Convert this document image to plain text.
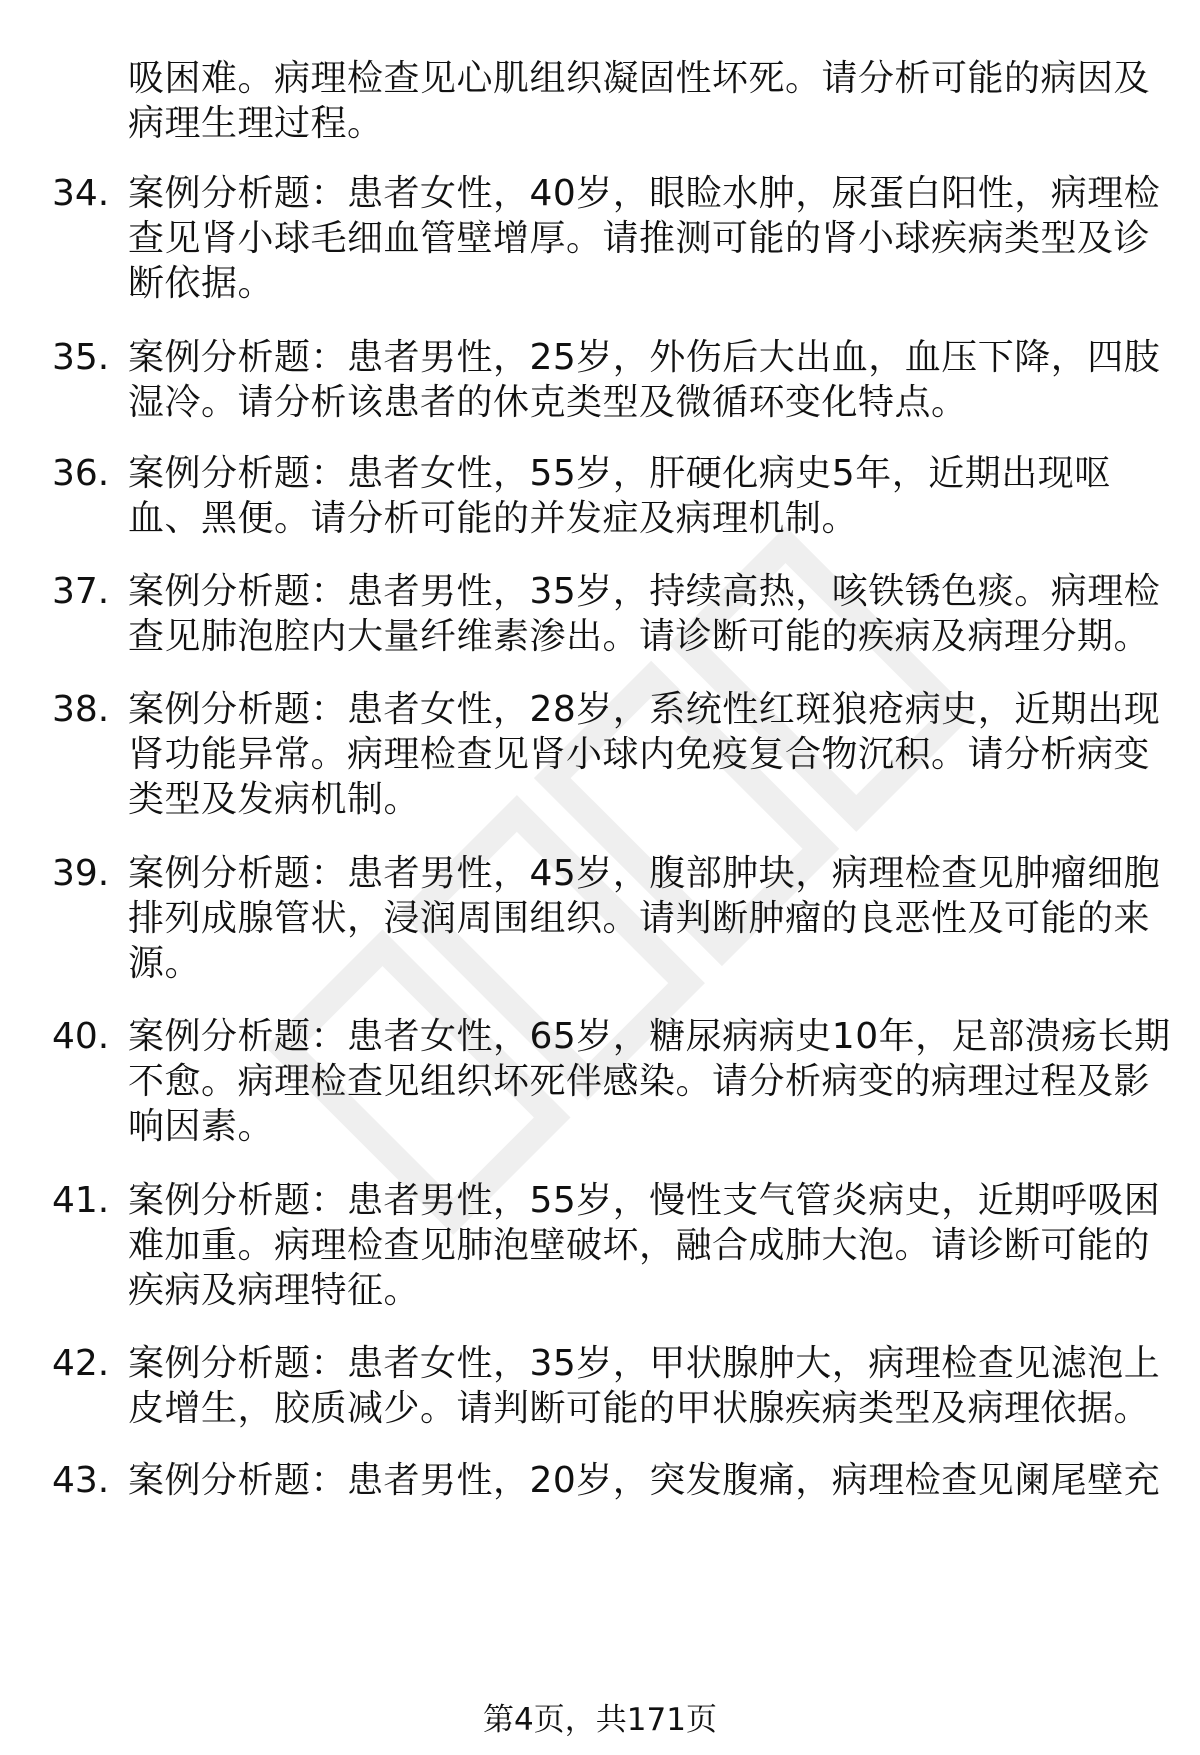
吸困难。病理检查见心肌组织凝固性坏死。请分析可能的病因及
病理生理过程。
34. 案例分析题：患者女性，40岁，眼睑水肿，尿蛋白阳性，病理检
查见肾小球毛细血管壁增厚。请推测可能的肾小球疾病类型及诊
断依据。
35. 案例分析题：患者男性，25岁，外伤后大出血，血压下降，四肢
湿冷。请分析该患者的休克类型及微循环变化特点。
36. 案例分析题：患者女性，55岁，肝硬化病史5年，近期出现呕
血、黑便。请分析可能的并发症及病理机制。
37. 案例分析题：患者男性，35岁，持续高热，咳铁锈色痰。病理检
查见肺泡腔内大量纤维素渗出。请诊断可能的疾病及病理分期。
38. 案例分析题：患者女性，28岁，系统性红斑狼疮病史，近期出现
肾功能异常。病理检查见肾小球内免疫复合物沉积。请分析病变
类型及发病机制。
39. 案例分析题：患者男性，45岁，腹部肿块，病理检查见肿瘤细胞
排列成腺管状，浸润周围组织。请判断肿瘤的良恶性及可能的来
源。
40. 案例分析题：患者女性，65岁，糖尿病病史10年，足部溃疡长期
不愈。病理检查见组织坏死伴感染。请分析病变的病理过程及影
响因素。
41. 案例分析题：患者男性，55岁，慢性支气管炎病史，近期呼吸困
难加重。病理检查见肺泡壁破坏，融合成肺大泡。请诊断可能的
疾病及病理特征。
42. 案例分析题：患者女性，35岁，甲状腺肿大，病理检查见滤泡上
皮增生，胶质减少。请判断可能的甲状腺疾病类型及病理依据。
43. 案例分析题：患者男性，20岁，突发腹痛，病理检查见阑尾壁充
第4页，共171页
